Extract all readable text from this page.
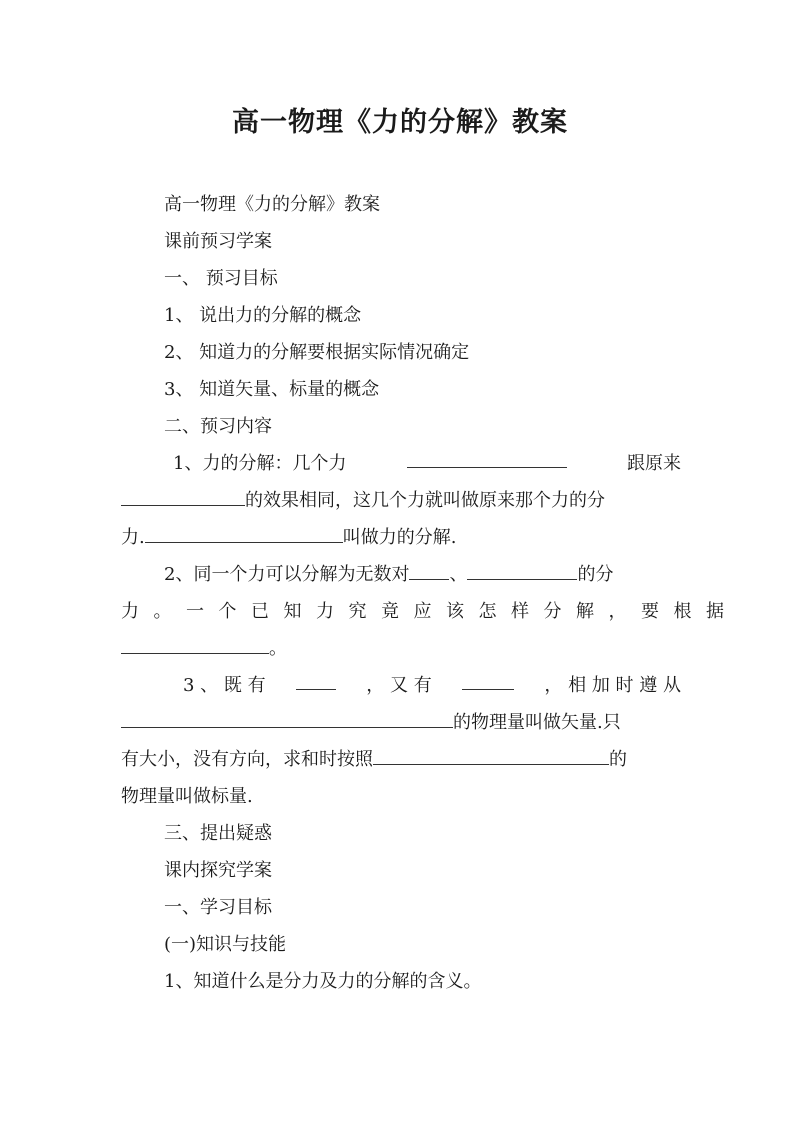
高一物理《力的分解》教案

高一物理《力的分解》教案

课前预习学案

一、 预习目标

1、 说出力的分解的概念

2、 知道力的分解要根据实际情况确定

3、 知道矢量、标量的概念

二、预习内容

1、力的分解：几个力	跟原来
的效果相同，这几个力就叫做原来那个力的分
力.	叫做力的分解.
2、同一个力可以分解为无数对 、	的分
力。一个已知力究竟应该怎样分解，要根据
。
3 、 既 有	， 又 有	， 相 加 时 遵 从
的物理量叫做矢量.只
有大小，没有方向，求和时按照	的

物理量叫做标量.

三、提出疑惑

课内探究学案

一、学习目标

(一)知识与技能

1、知道什么是分力及力的分解的含义。
